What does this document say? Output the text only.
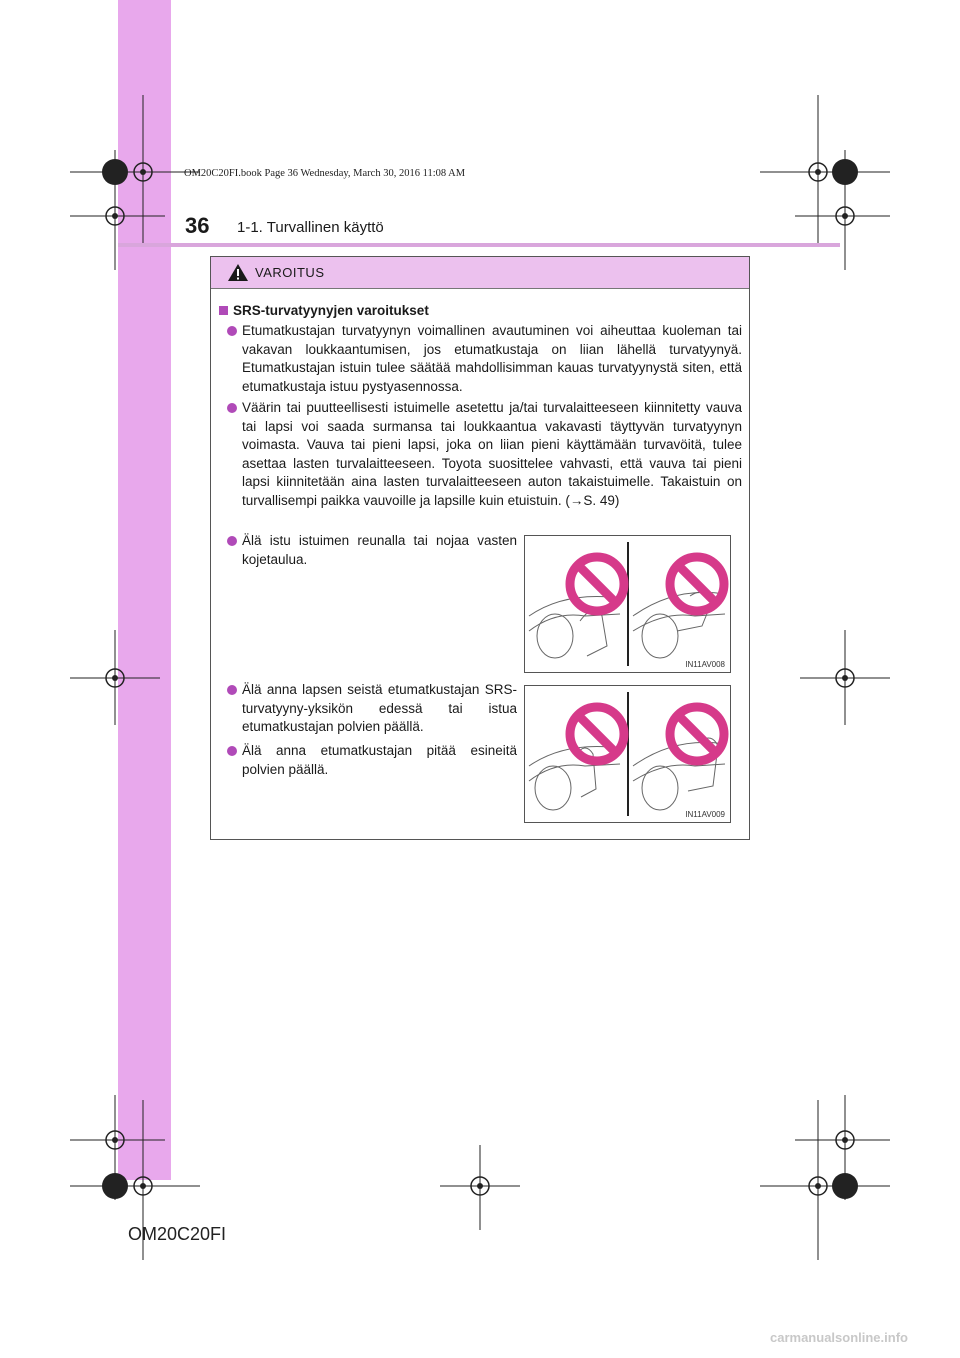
36 1-1. Turvallinen käyttö
OM20C20FI.book Page 36 Wednesday, March 30, 2016 11:08 AM
VAROITUS
SRS-turvatyynyjen varoitukset
Etumatkustajan turvatyynyn voimallinen avautuminen voi aiheuttaa kuoleman tai vakavan loukkaantumisen, jos etumatkustaja on liian lähellä turvatyynyä. Etumatkustajan istuin tulee säätää mahdollisimman kauas turvatyynystä siten, että etumatkustaja istuu pystyasennossa.
Väärin tai puutteellisesti istuimelle asetettu ja/tai turvalaitteeseen kiinnitetty vauva tai lapsi voi saada surmansa tai loukkaantua vakavasti täyttyvän turvatyynyn voimasta. Vauva tai pieni lapsi, joka on liian pieni käyttämään turvavöitä, tulee asettaa lasten turvalaitteeseen. Toyota suosittelee vahvasti, että vauva tai pieni lapsi kiinnitetään aina lasten turvalaitteeseen auton takaistuimelle. Takaistuin on turvallisempi paikka vauvoille ja lapsille kuin etuistuin. (→S. 49)
Älä istu istuimen reunalla tai nojaa vasten kojetaulua.
Älä anna lapsen seistä etumatkustajan SRS-turvatyyny-yksikön edessä tai istua etumatkustajan polvien päällä.
Älä anna etumatkustajan pitää esineitä polvien päällä.
IN11AV008
IN11AV009
OM20C20FI
carmanualsonline.info
